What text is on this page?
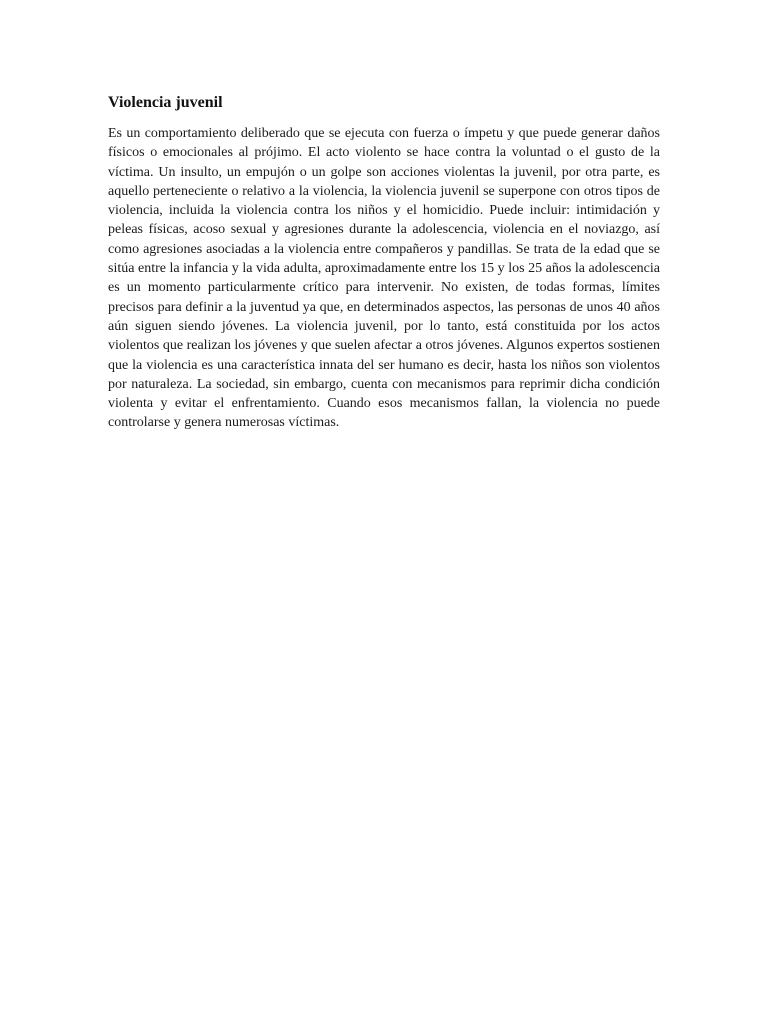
Violencia juvenil

Es un comportamiento deliberado que se ejecuta con fuerza o ímpetu y que puede generar daños físicos o emocionales al prójimo. El acto violento se hace contra la voluntad o el gusto de la víctima. Un insulto, un empujón o un golpe son acciones violentas la juvenil, por otra parte, es aquello perteneciente o relativo a la violencia, la violencia juvenil se superpone con otros tipos de violencia, incluida la violencia contra los niños y el homicidio. Puede incluir: intimidación y peleas físicas, acoso sexual y agresiones durante la adolescencia, violencia en el noviazgo, así como agresiones asociadas a la violencia entre compañeros y pandillas. Se trata de la edad que se sitúa entre la infancia y la vida adulta, aproximadamente entre los 15 y los 25 años la adolescencia es un momento particularmente crítico para intervenir. No existen, de todas formas, límites precisos para definir a la juventud ya que, en determinados aspectos, las personas de unos 40 años aún siguen siendo jóvenes. La violencia juvenil, por lo tanto, está constituida por los actos violentos que realizan los jóvenes y que suelen afectar a otros jóvenes. Algunos expertos sostienen que la violencia es una característica innata del ser humano es decir, hasta los niños son violentos por naturaleza. La sociedad, sin embargo, cuenta con mecanismos para reprimir dicha condición violenta y evitar el enfrentamiento. Cuando esos mecanismos fallan, la violencia no puede controlarse y genera numerosas víctimas.
